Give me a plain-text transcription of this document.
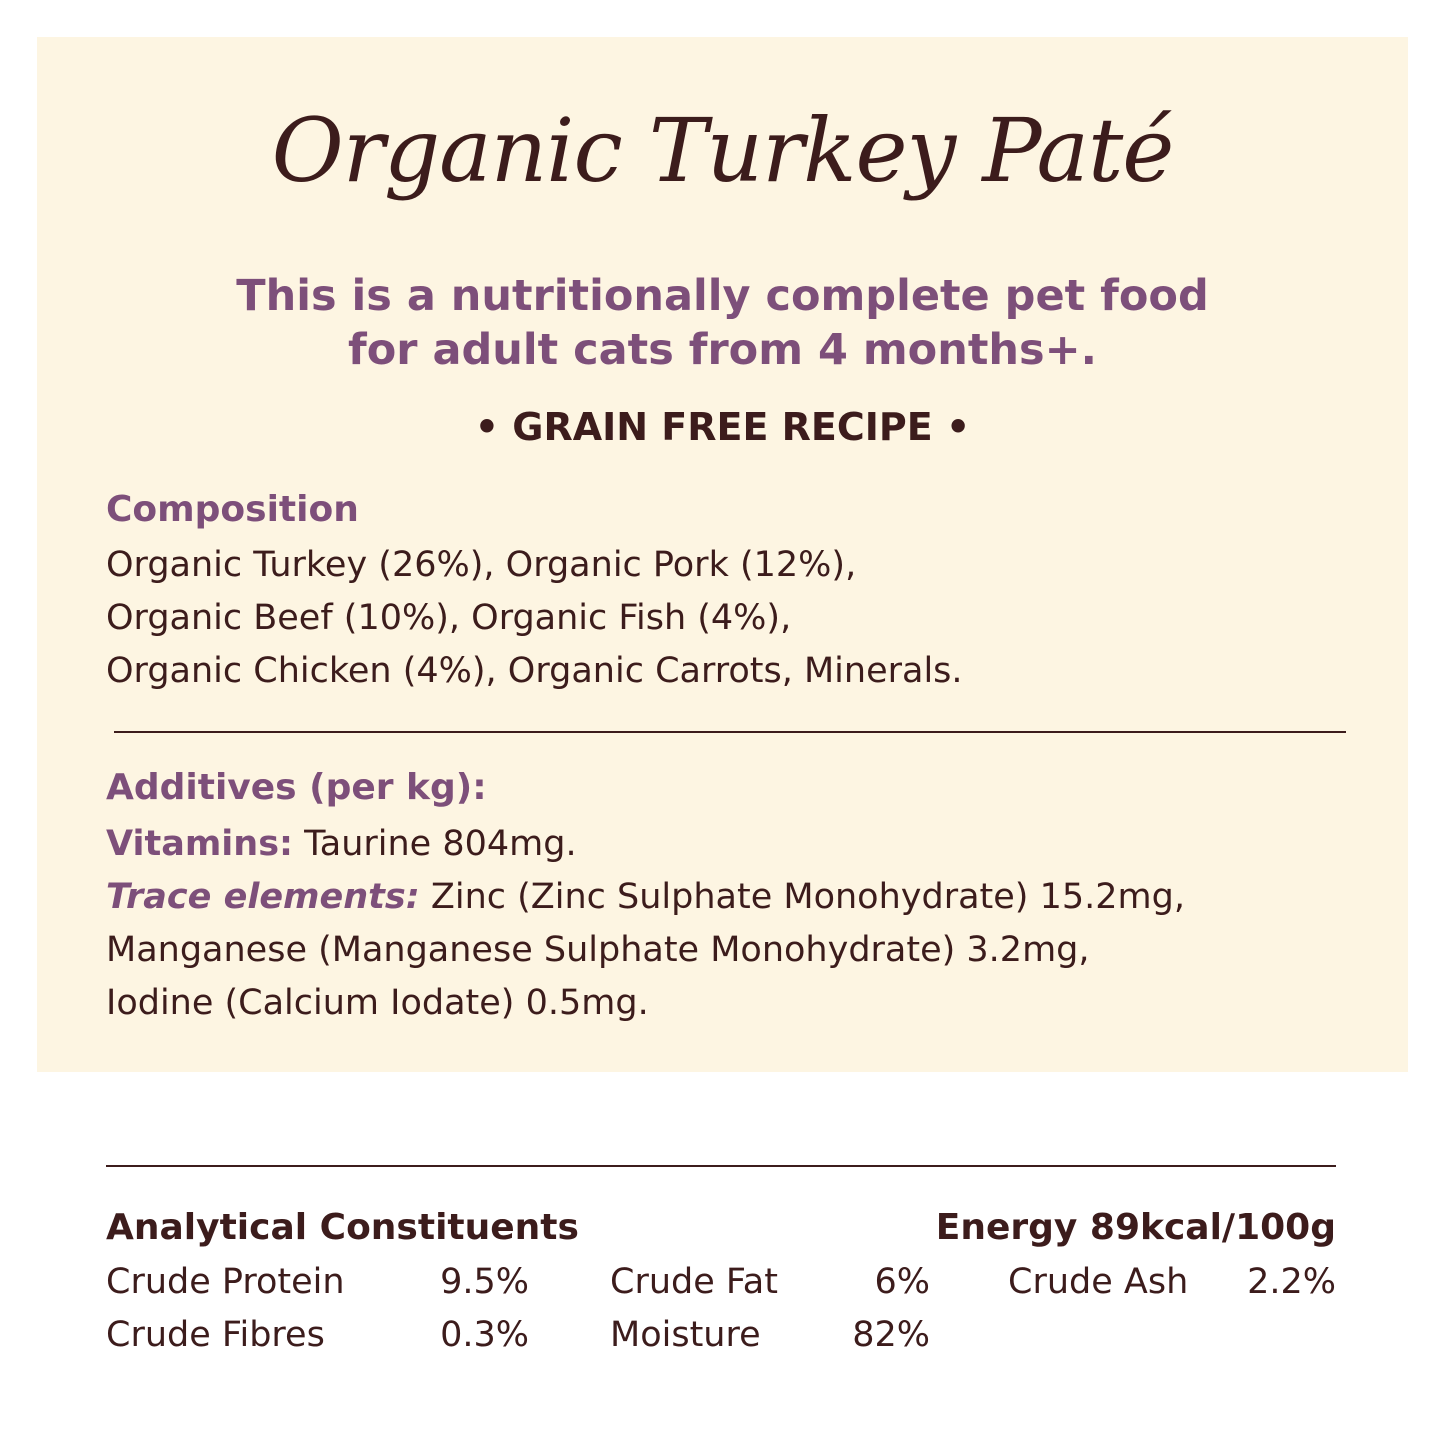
Organic Turkey Paté
This is a nutritionally complete pet food
for adult cats from 4 months+.
• GRAIN FREE RECIPE •
Composition
Organic Turkey (26%), Organic Pork (12%),
Organic Beef (10%), Organic Fish (4%),
Organic Chicken (4%), Organic Carrots, Minerals.
Additives (per kg):
Vitamins: Taurine 804mg.
Trace elements: Zinc (Zinc Sulphate Monohydrate) 15.2mg,
Manganese (Manganese Sulphate Monohydrate) 3.2mg,
Iodine (Calcium Iodate) 0.5mg.
Analytical Constituents	Energy 89kcal/100g
Crude Protein	9.5% Crude Fat	6% Crude Ash 2.2%
Crude Fibres	0.3% Moisture	82%
